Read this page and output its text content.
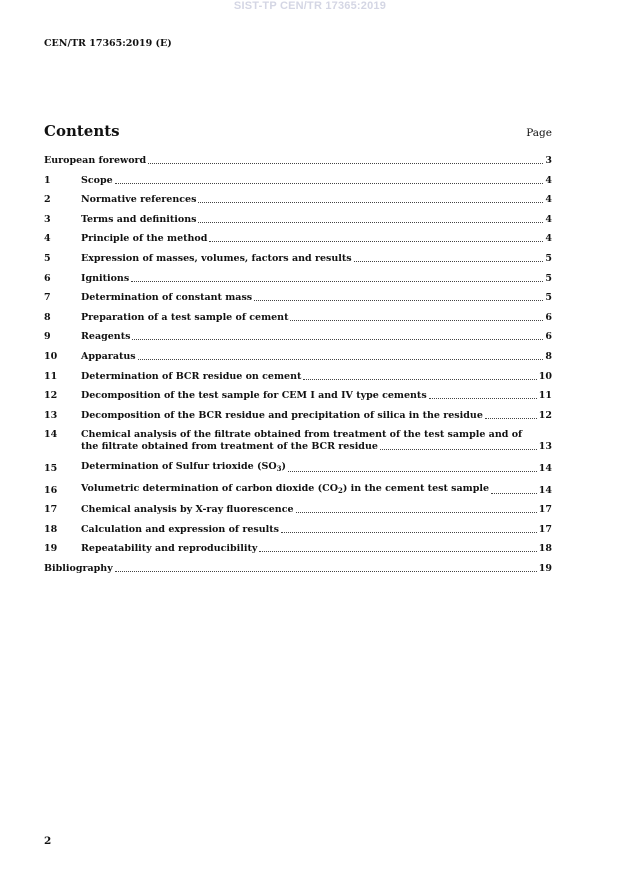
SIST-TP CEN/TR 17365:2019
CEN/TR 17365:2019 (E)
Contents	Page
European foreword	3
1	Scope	4
2	Normative references	4
3	Terms and definitions	4
4	Principle of the method	4
5	Expression of masses, volumes, factors and results	5
6	Ignitions	5
7	Determination of constant mass	5
8	Preparation of a test sample of cement	6
9	Reagents	6
10	Apparatus	8
11	Determination of BCR residue on cement	10
12	Decomposition of the test sample for CEM I and IV type cements	11
13	Decomposition of the BCR residue and precipitation of silica in the residue	12
14	Chemical analysis of the filtrate obtained from treatment of the test sample and of
the filtrate obtained from treatment of the BCR residue	13
15	Determination of Sulfur trioxide $(SO_3)$	14
16	Volumetric determination of carbon dioxide $(CO_2)$ in the cement test sample	14
17	Chemical analysis by X-ray fluorescence	17
18	Calculation and expression of results	17
19	Repeatability and reproducibility	18
Bibliography	19
2
